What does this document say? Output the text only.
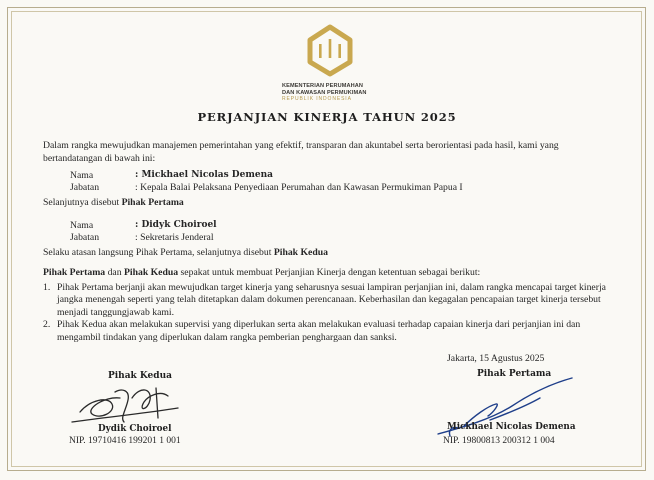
KEMENTERIAN PERUMAHAN
DAN KAWASAN PERMUKIMAN
REPUBLIK INDONESIA
PERJANJIAN KINERJA TAHUN 2025
Dalam rangka mewujudkan manajemen pemerintahan yang efektif, transparan dan akuntabel serta berorientasi pada hasil, kami yang bertandatangan di bawah ini:
Nama	: Mickhael Nicolas Demena
Jabatan	: Kepala Balai Pelaksana Penyediaan Perumahan dan Kawasan Permukiman Papua I
Selanjutnya disebut Pihak Pertama
Nama	: Didyk Choiroel
Jabatan	: Sekretaris Jenderal
Selaku atasan langsung Pihak Pertama, selanjutnya disebut Pihak Kedua
Pihak Pertama dan Pihak Kedua sepakat untuk membuat Perjanjian Kinerja dengan ketentuan sebagai berikut:
1. Pihak Pertama berjanji akan mewujudkan target kinerja yang seharusnya sesuai lampiran perjanjian ini, dalam rangka mencapai target kinerja jangka menengah seperti yang telah ditetapkan dalam dokumen perencanaan. Keberhasilan dan kegagalan pencapaian target kinerja tersebut menjadi tanggungjawab kami.
2. Pihak Kedua akan melakukan supervisi yang diperlukan serta akan melakukan evaluasi terhadap capaian kinerja dari perjanjian ini dan mengambil tindakan yang diperlukan dalam rangka pemberian penghargaan dan sanksi.
Jakarta, 15 Agustus 2025
Pihak Kedua
Dydik Choiroel
NIP. 19710416 199201 1 001
Pihak Pertama
Mickhael Nicolas Demena
NIP. 19800813 200312 1 004
